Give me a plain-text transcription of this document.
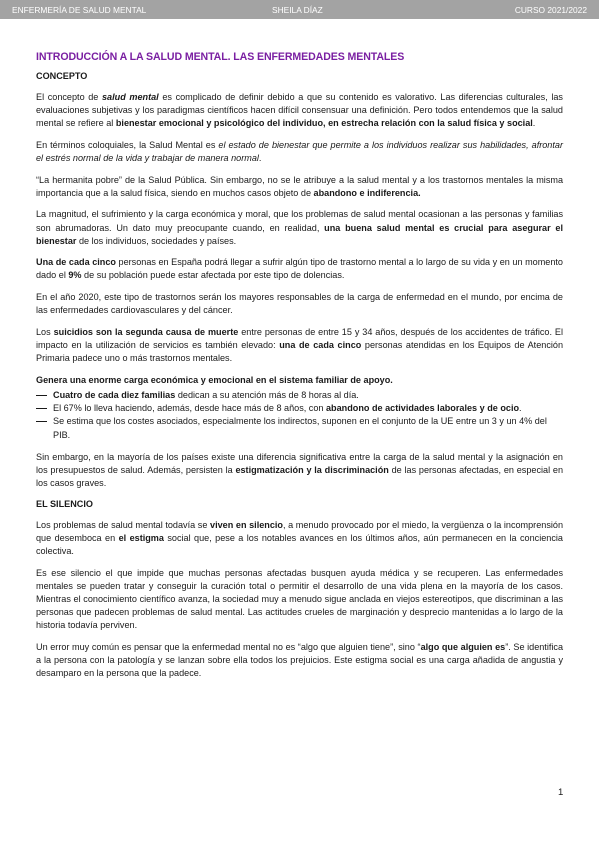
ENFERMERÍA DE SALUD MENTAL	SHEILA DÍAZ	CURSO 2021/2022
INTRODUCCIÓN A LA SALUD MENTAL. LAS ENFERMEDADES MENTALES
CONCEPTO

El concepto de salud mental es complicado de definir debido a que su contenido es valorativo. Las diferencias culturales, las evaluaciones subjetivas y los paradigmas científicos hacen difícil consensuar una definición. Pero todos entendemos que la salud mental se refiere al bienestar emocional y psicológico del individuo, en estrecha relación con la salud física y social.

En términos coloquiales, la Salud Mental es el estado de bienestar que permite a los individuos realizar sus habilidades, afrontar el estrés normal de la vida y trabajar de manera normal.

“La hermanita pobre” de la Salud Pública. Sin embargo, no se le atribuye a la salud mental y a los trastornos mentales la misma importancia que a la salud física, siendo en muchos casos objeto de abandono e indiferencia.

La magnitud, el sufrimiento y la carga económica y moral, que los problemas de salud mental ocasionan a las personas y familias son abrumadoras. Un dato muy preocupante cuando, en realidad, una buena salud mental es crucial para asegurar el bienestar de los individuos, sociedades y países.

Una de cada cinco personas en España podrá llegar a sufrir algún tipo de trastorno mental a lo largo de su vida y en un momento dado el 9% de su población puede estar afectada por este tipo de dolencias.

En el año 2020, este tipo de trastornos serán los mayores responsables de la carga de enfermedad en el mundo, por encima de las enfermedades cardiovasculares y del cáncer.

Los suicidios son la segunda causa de muerte entre personas de entre 15 y 34 años, después de los accidentes de tráfico. El impacto en la utilización de servicios es también elevado: una de cada cinco personas atendidas en los Equipos de Atención Primaria padece uno o más trastornos mentales.

Genera una enorme carga económica y emocional en el sistema familiar de apoyo.

Cuatro de cada diez familias dedican a su atención más de 8 horas al día.
El 67% lo lleva haciendo, además, desde hace más de 8 años, con abandono de actividades laborales y de ocio.
Se estima que los costes asociados, especialmente los indirectos, suponen en el conjunto de la UE entre un 3 y un 4% del PIB.

Sin embargo, en la mayoría de los países existe una diferencia significativa entre la carga de la salud mental y la asignación en los presupuestos de salud. Además, persisten la estigmatización y la discriminación de las personas afectadas, en especial en los casos graves.

EL SILENCIO

Los problemas de salud mental todavía se viven en silencio, a menudo provocado por el miedo, la vergüenza o la incomprensión que desemboca en el estigma social que, pese a los notables avances en los últimos años, aún permanecen en la conciencia colectiva.

Es ese silencio el que impide que muchas personas afectadas busquen ayuda médica y se recuperen. Las enfermedades mentales se pueden tratar y conseguir la curación total o permitir el desarrollo de una vida plena en la mayoría de los casos. Mientras el conocimiento científico avanza, la sociedad muy a menudo sigue anclada en viejos estereotipos, que discriminan a las personas que padecen problemas de salud mental. Las actitudes crueles de marginación y desprecio mantenidas a lo largo de la historia todavía perviven.

Un error muy común es pensar que la enfermedad mental no es “algo que alguien tiene”, sino “algo que alguien es”. Se identifica a la persona con la patología y se lanzan sobre ella todos los prejuicios. Este estigma social es una carga añadida de angustia y desamparo en la persona que la padece.

1
